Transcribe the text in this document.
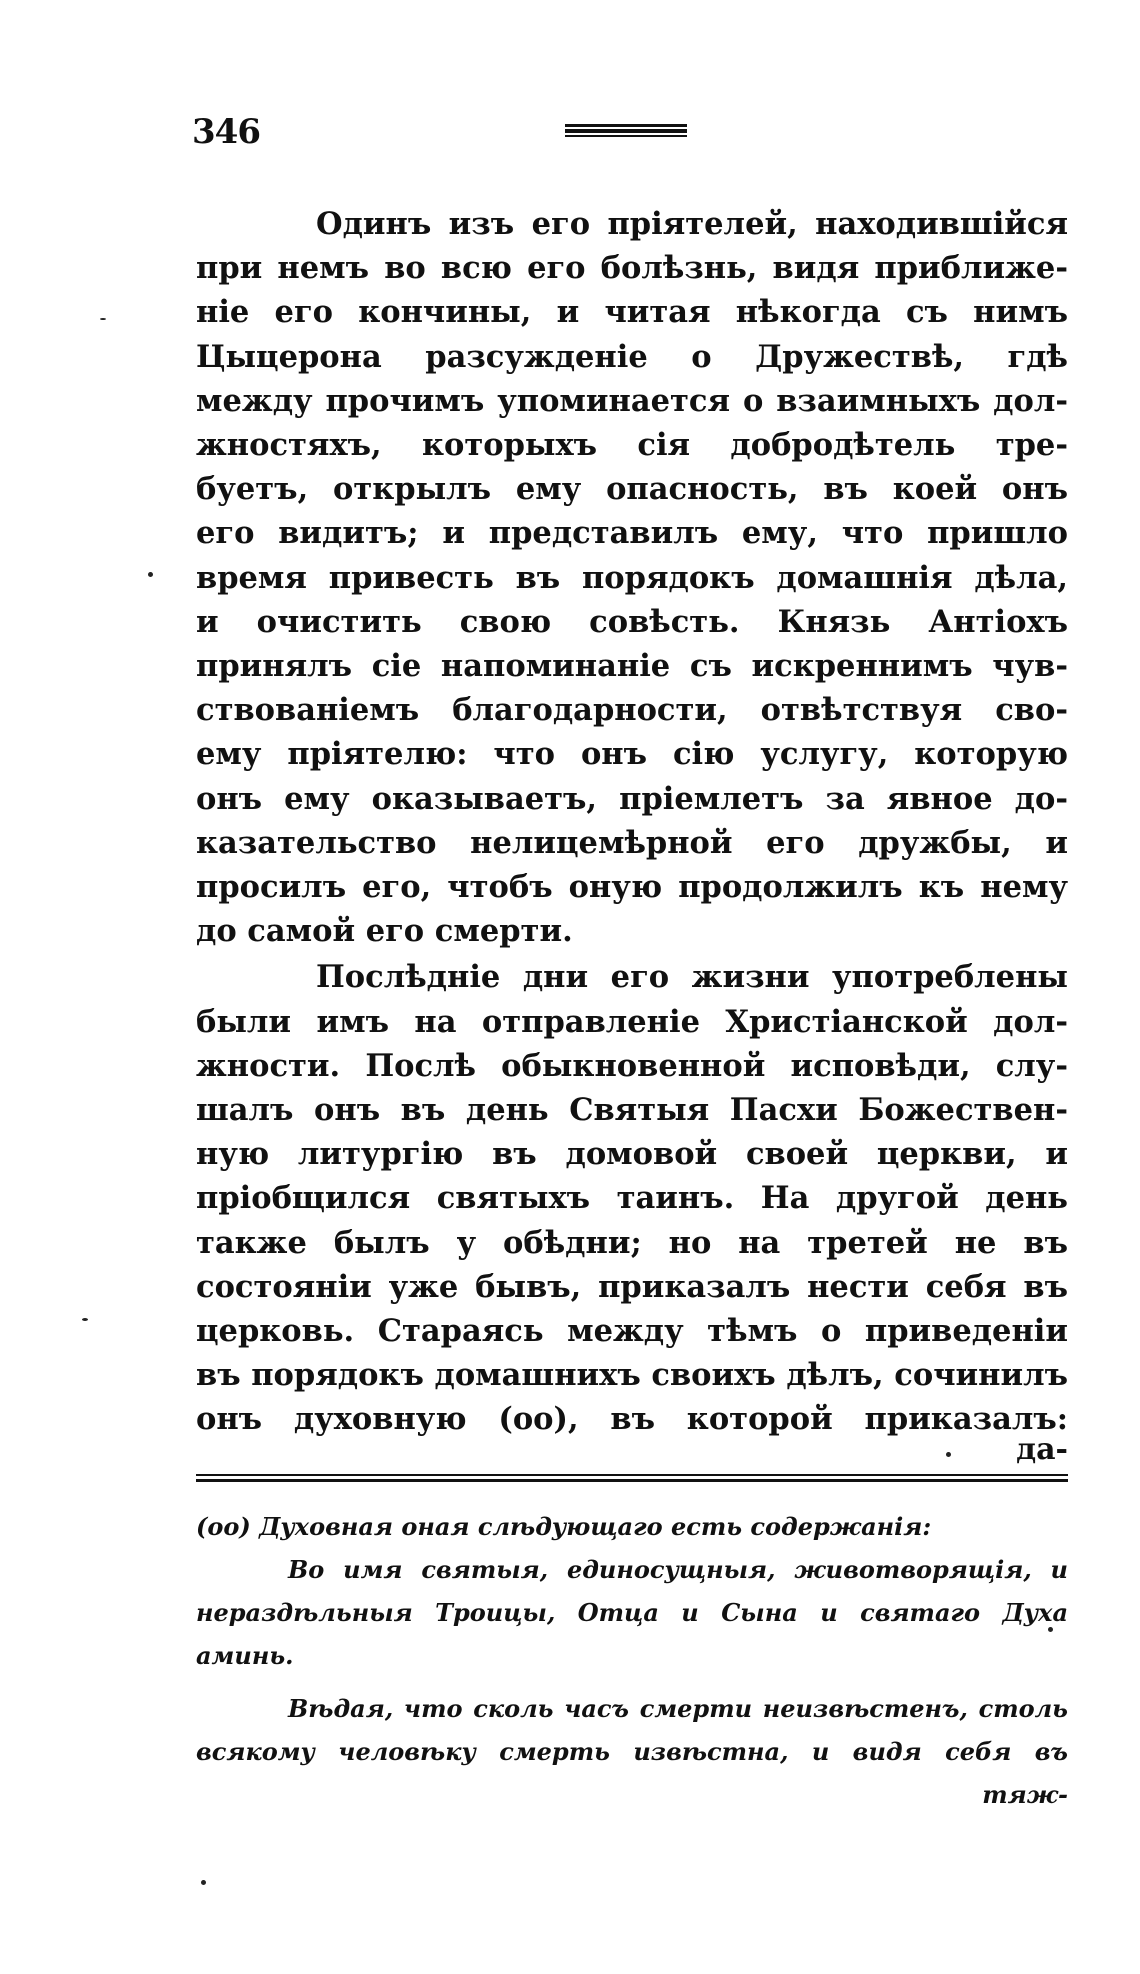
346
Одинъ изъ его пріятелей, находившійся
при немъ во всю его болѣзнь, видя приближе-
ніе его кончины, и читая нѣкогда съ нимъ
Цыцерона разсужденіе о Дружествѣ, гдѣ
между прочимъ упоминается о взаимныхъ дол-
жностяхъ, которыхъ сія добродѣтель тре-
буетъ, открылъ ему опасность, въ коей онъ
его видитъ; и представилъ ему, что пришло
время привесть въ порядокъ домашнія дѣла,
и очистить свою совѣсть. Князь Антіохъ
принялъ сіе напоминаніе съ искреннимъ чув-
ствованіемъ благодарности, отвѣтствуя сво-
ему пріятелю: что онъ сію услугу, которую
онъ ему оказываетъ, пріемлетъ за явное до-
казательство нелицемѣрной его дружбы, и
просилъ его, чтобъ оную продолжилъ къ нему
до самой его смерти.
Послѣдніе дни его жизни употреблены
были имъ на отправленіе Христіанской дол-
жности. Послѣ обыкновенной исповѣди, слу-
шалъ онъ въ день Святыя Пасхи Божествен-
ную литургію въ домовой своей церкви, и
пріобщился святыхъ таинъ. На другой день
также былъ у обѣдни; но на третей не въ
состояніи уже бывъ, приказалъ нести себя въ
церковь. Стараясь между тѣмъ о приведеніи
въ порядокъ домашнихъ своихъ дѣлъ, сочинилъ
онъ духовную (оо), въ которой приказалъ:
да-
(оо) Духовная оная слѣдующаго есть содержанія:
Во имя святыя, единосущныя, животворящія, и
нераздѣльныя Троицы, Отца и Сына и святаго Духа
аминь.
Вѣдая, что сколь часъ смерти неизвѣстенъ, столь
всякому человѣку смерть извѣстна, и видя себя въ
тяж-
